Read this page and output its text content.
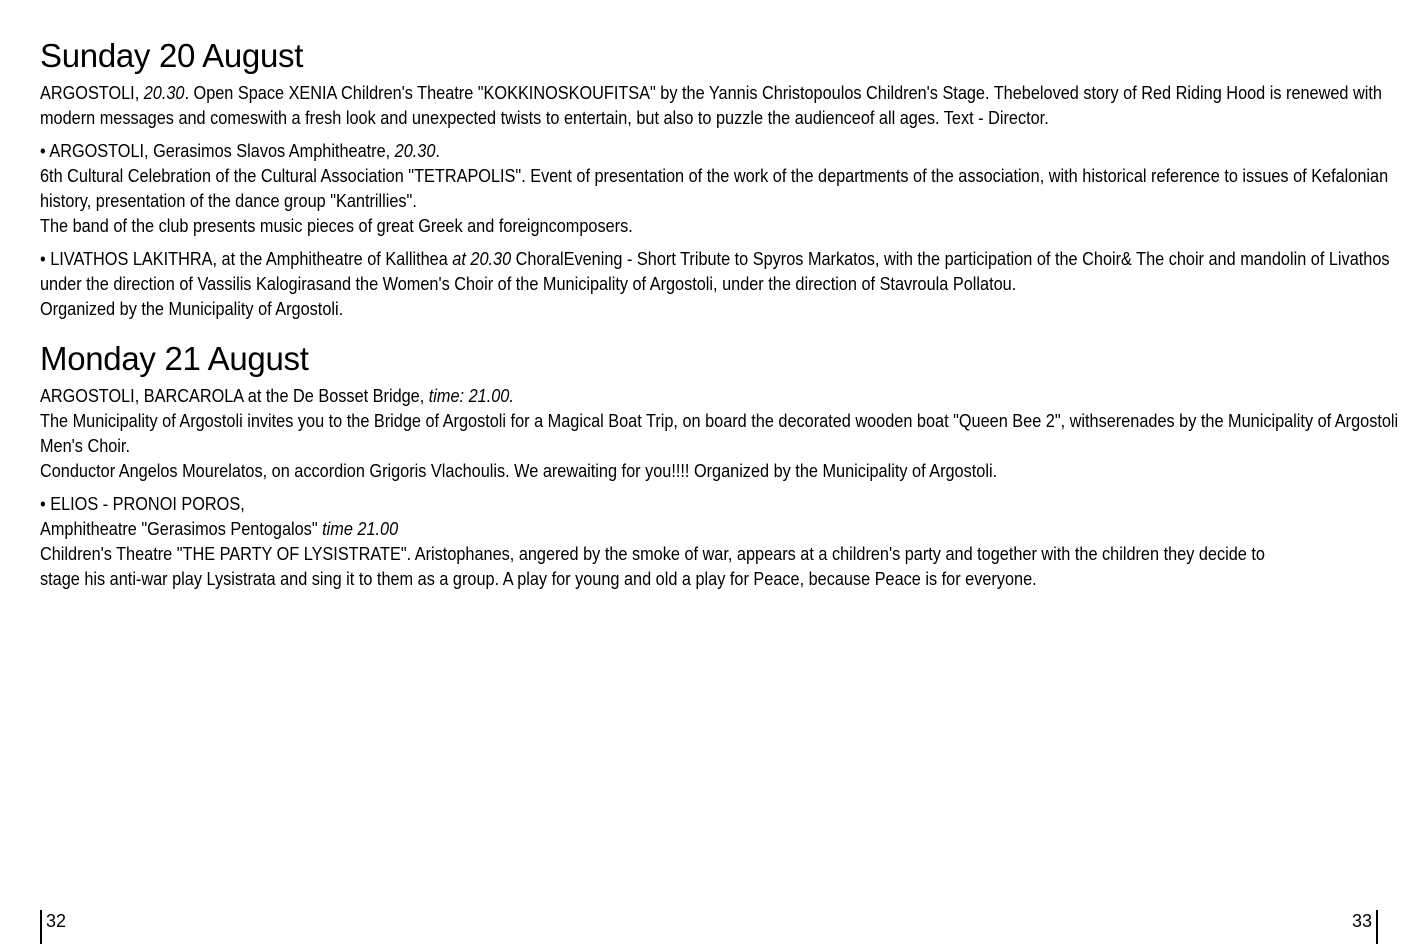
Sunday 20 August

ARGOSTOLI, 20.30. Open Space XENIA Children's Theatre "KOKKINOSKOUFITSA" by the Yannis Christopoulos Children's Stage. Thebeloved story of Red Riding Hood is renewed with modern messages and comeswith a fresh look and unexpected twists to entertain, but also to puzzle the audienceof all ages. Text - Director.

• ARGOSTOLI, Gerasimos Slavos Amphitheatre, 20.30.

6th Cultural Celebration of the Cultural Association "TETRAPOLIS". Event of presentation of the work of the departments of the association, with historical reference to issues of Kefalonian history, presentation of the dance group "Kantrillies".

The band of the club presents music pieces of great Greek and foreigncomposers.

• LIVATHOS LAKITHRA, at the Amphitheatre of Kallithea at 20.30 ChoralEvening - Short Tribute to Spyros Markatos, with the participation of the Choir& The choir and mandolin of Livathos under the direction of Vassilis Kalogirasand the Women's Choir of the Municipality of Argostoli, under the direction of Stavroula Pollatou.

Organized by the Municipality of Argostoli.

Monday 21 August

ARGOSTOLI, BARCAROLA at the De Bosset Bridge, time: 21.00.

The Municipality of Argostoli invites you to the Bridge of Argostoli for a Magical Boat Trip, on board the decorated wooden boat "Queen Bee 2", withserenades by the Municipality of Argostoli Men's Choir.

Conductor Angelos Mourelatos, on accordion Grigoris Vlachoulis. We arewaiting for you!!!! Organized by the Municipality of Argostoli.

• ELIOS - PRONOI POROS,

Amphitheatre "Gerasimos Pentogalos" time 21.00

Children's Theatre "THE PARTY OF LYSISTRATE". Aristophanes, angered by the smoke of war, appears at a children's party and together with the children they decide to stage his anti-war play Lysistrata and sing it to them as a group. A play for young and old a play for Peace, because Peace is for everyone.

32	33
